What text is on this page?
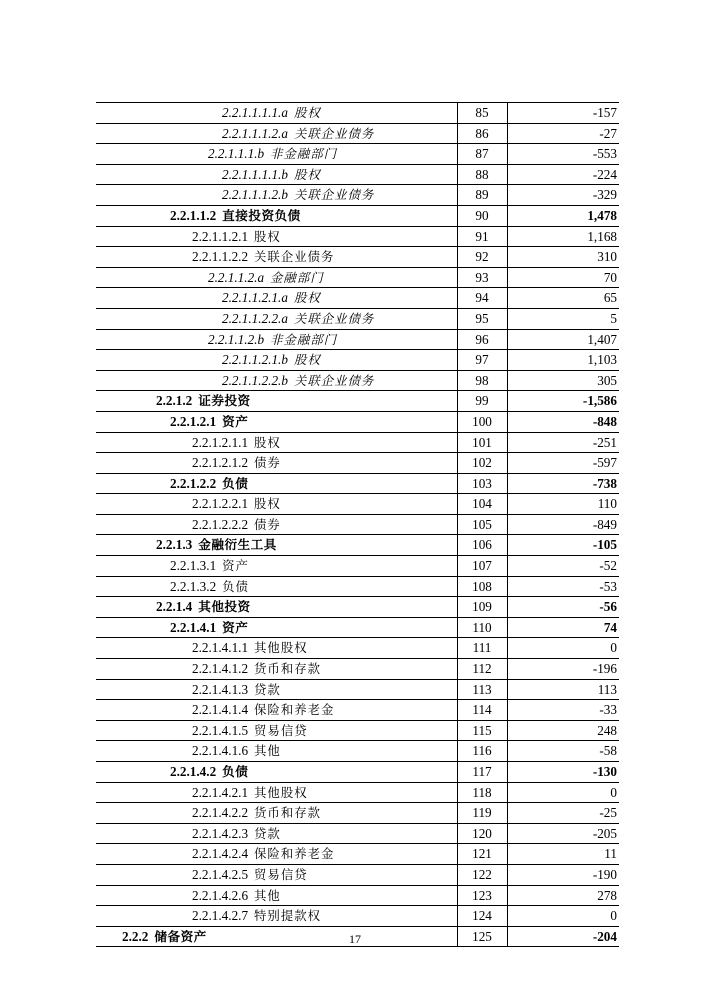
2.2.1.1.1.1.a 股权	85	-157
2.2.1.1.1.2.a 关联企业债务	86	-27
2.2.1.1.1.b 非金融部门	87	-553
2.2.1.1.1.1.b 股权	88	-224
2.2.1.1.1.2.b 关联企业债务	89	-329
2.2.1.1.2 直接投资负债	90	1,478
2.2.1.1.2.1 股权	91	1,168
2.2.1.1.2.2 关联企业债务	92	310
2.2.1.1.2.a 金融部门	93	70
2.2.1.1.2.1.a 股权	94	65
2.2.1.1.2.2.a 关联企业债务	95	5
2.2.1.1.2.b 非金融部门	96	1,407
2.2.1.1.2.1.b 股权	97	1,103
2.2.1.1.2.2.b 关联企业债务	98	305
2.2.1.2 证券投资	99	-1,586
2.2.1.2.1 资产	100	-848
2.2.1.2.1.1 股权	101	-251
2.2.1.2.1.2 债券	102	-597
2.2.1.2.2 负债	103	-738
2.2.1.2.2.1 股权	104	110
2.2.1.2.2.2 债券	105	-849
2.2.1.3 金融衍生工具	106	-105
2.2.1.3.1 资产	107	-52
2.2.1.3.2 负债	108	-53
2.2.1.4 其他投资	109	-56
2.2.1.4.1 资产	110	74
2.2.1.4.1.1 其他股权	111	0
2.2.1.4.1.2 货币和存款	112	-196
2.2.1.4.1.3 贷款	113	113
2.2.1.4.1.4 保险和养老金	114	-33
2.2.1.4.1.5 贸易信贷	115	248
2.2.1.4.1.6 其他	116	-58
2.2.1.4.2 负债	117	-130
2.2.1.4.2.1 其他股权	118	0
2.2.1.4.2.2 货币和存款	119	-25
2.2.1.4.2.3 贷款	120	-205
2.2.1.4.2.4 保险和养老金	121	11
2.2.1.4.2.5 贸易信贷	122	-190
2.2.1.4.2.6 其他	123	278
2.2.1.4.2.7 特别提款权	124	0
2.2.2 储备资产	125	-204
17
